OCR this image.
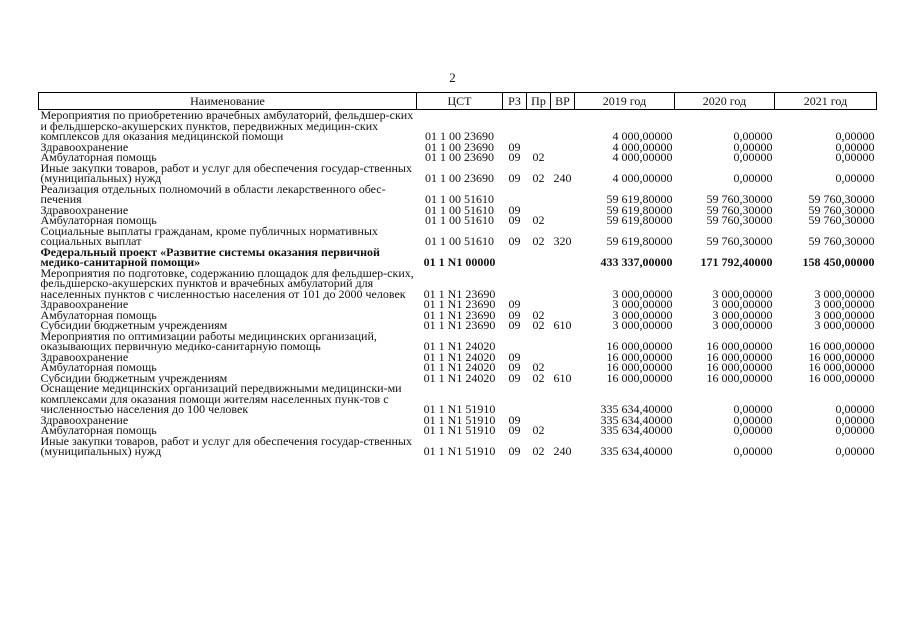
2
Наименование	ЦСТ	РЗ	Пр	ВР	2019 год	2020 год	2021 год
Мероприятия по приобретению врачебных амбулаторий, фельдшер-ских и фельдшерско-акушерских пунктов, передвижных медицин-ских комплексов для оказания медицинской помощи	01 1 00 23690				4 000,00000	0,00000	0,00000
Здравоохранение	01 1 00 23690	09			4 000,00000	0,00000	0,00000
Амбулаторная помощь	01 1 00 23690	09	02		4 000,00000	0,00000	0,00000
Иные закупки товаров, работ и услуг для обеспечения государ-ственных (муниципальных) нужд	01 1 00 23690	09	02	240	4 000,00000	0,00000	0,00000
Реализация отдельных полномочий в области лекарственного обес-печения	01 1 00 51610				59 619,80000	59 760,30000	59 760,30000
Здравоохранение	01 1 00 51610	09			59 619,80000	59 760,30000	59 760,30000
Амбулаторная помощь	01 1 00 51610	09	02		59 619,80000	59 760,30000	59 760,30000
Социальные выплаты гражданам, кроме публичных нормативных социальных выплат	01 1 00 51610	09	02	320	59 619,80000	59 760,30000	59 760,30000
Федеральный проект «Развитие системы оказания первичной медико-санитарной помощи»	01 1 N1 00000				433 337,00000	171 792,40000	158 450,00000
Мероприятия по подготовке, содержанию площадок для фельдшер-ских, фельдшерско-акушерских пунктов и врачебных амбулаторий для населенных пунктов с численностью населения от 101 до 2000 человек	01 1 N1 23690				3 000,00000	3 000,00000	3 000,00000
Здравоохранение	01 1 N1 23690	09			3 000,00000	3 000,00000	3 000,00000
Амбулаторная помощь	01 1 N1 23690	09	02		3 000,00000	3 000,00000	3 000,00000
Субсидии бюджетным учреждениям	01 1 N1 23690	09	02	610	3 000,00000	3 000,00000	3 000,00000
Мероприятия по оптимизации работы медицинских организаций, оказывающих первичную медико-санитарную помощь	01 1 N1 24020				16 000,00000	16 000,00000	16 000,00000
Здравоохранение	01 1 N1 24020	09			16 000,00000	16 000,00000	16 000,00000
Амбулаторная помощь	01 1 N1 24020	09	02		16 000,00000	16 000,00000	16 000,00000
Субсидии бюджетным учреждениям	01 1 N1 24020	09	02	610	16 000,00000	16 000,00000	16 000,00000
Оснащение медицинских организаций передвижными медицински-ми комплексами для оказания помощи жителям населенных пунк-тов с численностью населения до 100 человек	01 1 N1 51910				335 634,40000	0,00000	0,00000
Здравоохранение	01 1 N1 51910	09			335 634,40000	0,00000	0,00000
Амбулаторная помощь	01 1 N1 51910	09	02		335 634,40000	0,00000	0,00000
Иные закупки товаров, работ и услуг для обеспечения государ-ственных (муниципальных) нужд	01 1 N1 51910	09	02	240	335 634,40000	0,00000	0,00000
